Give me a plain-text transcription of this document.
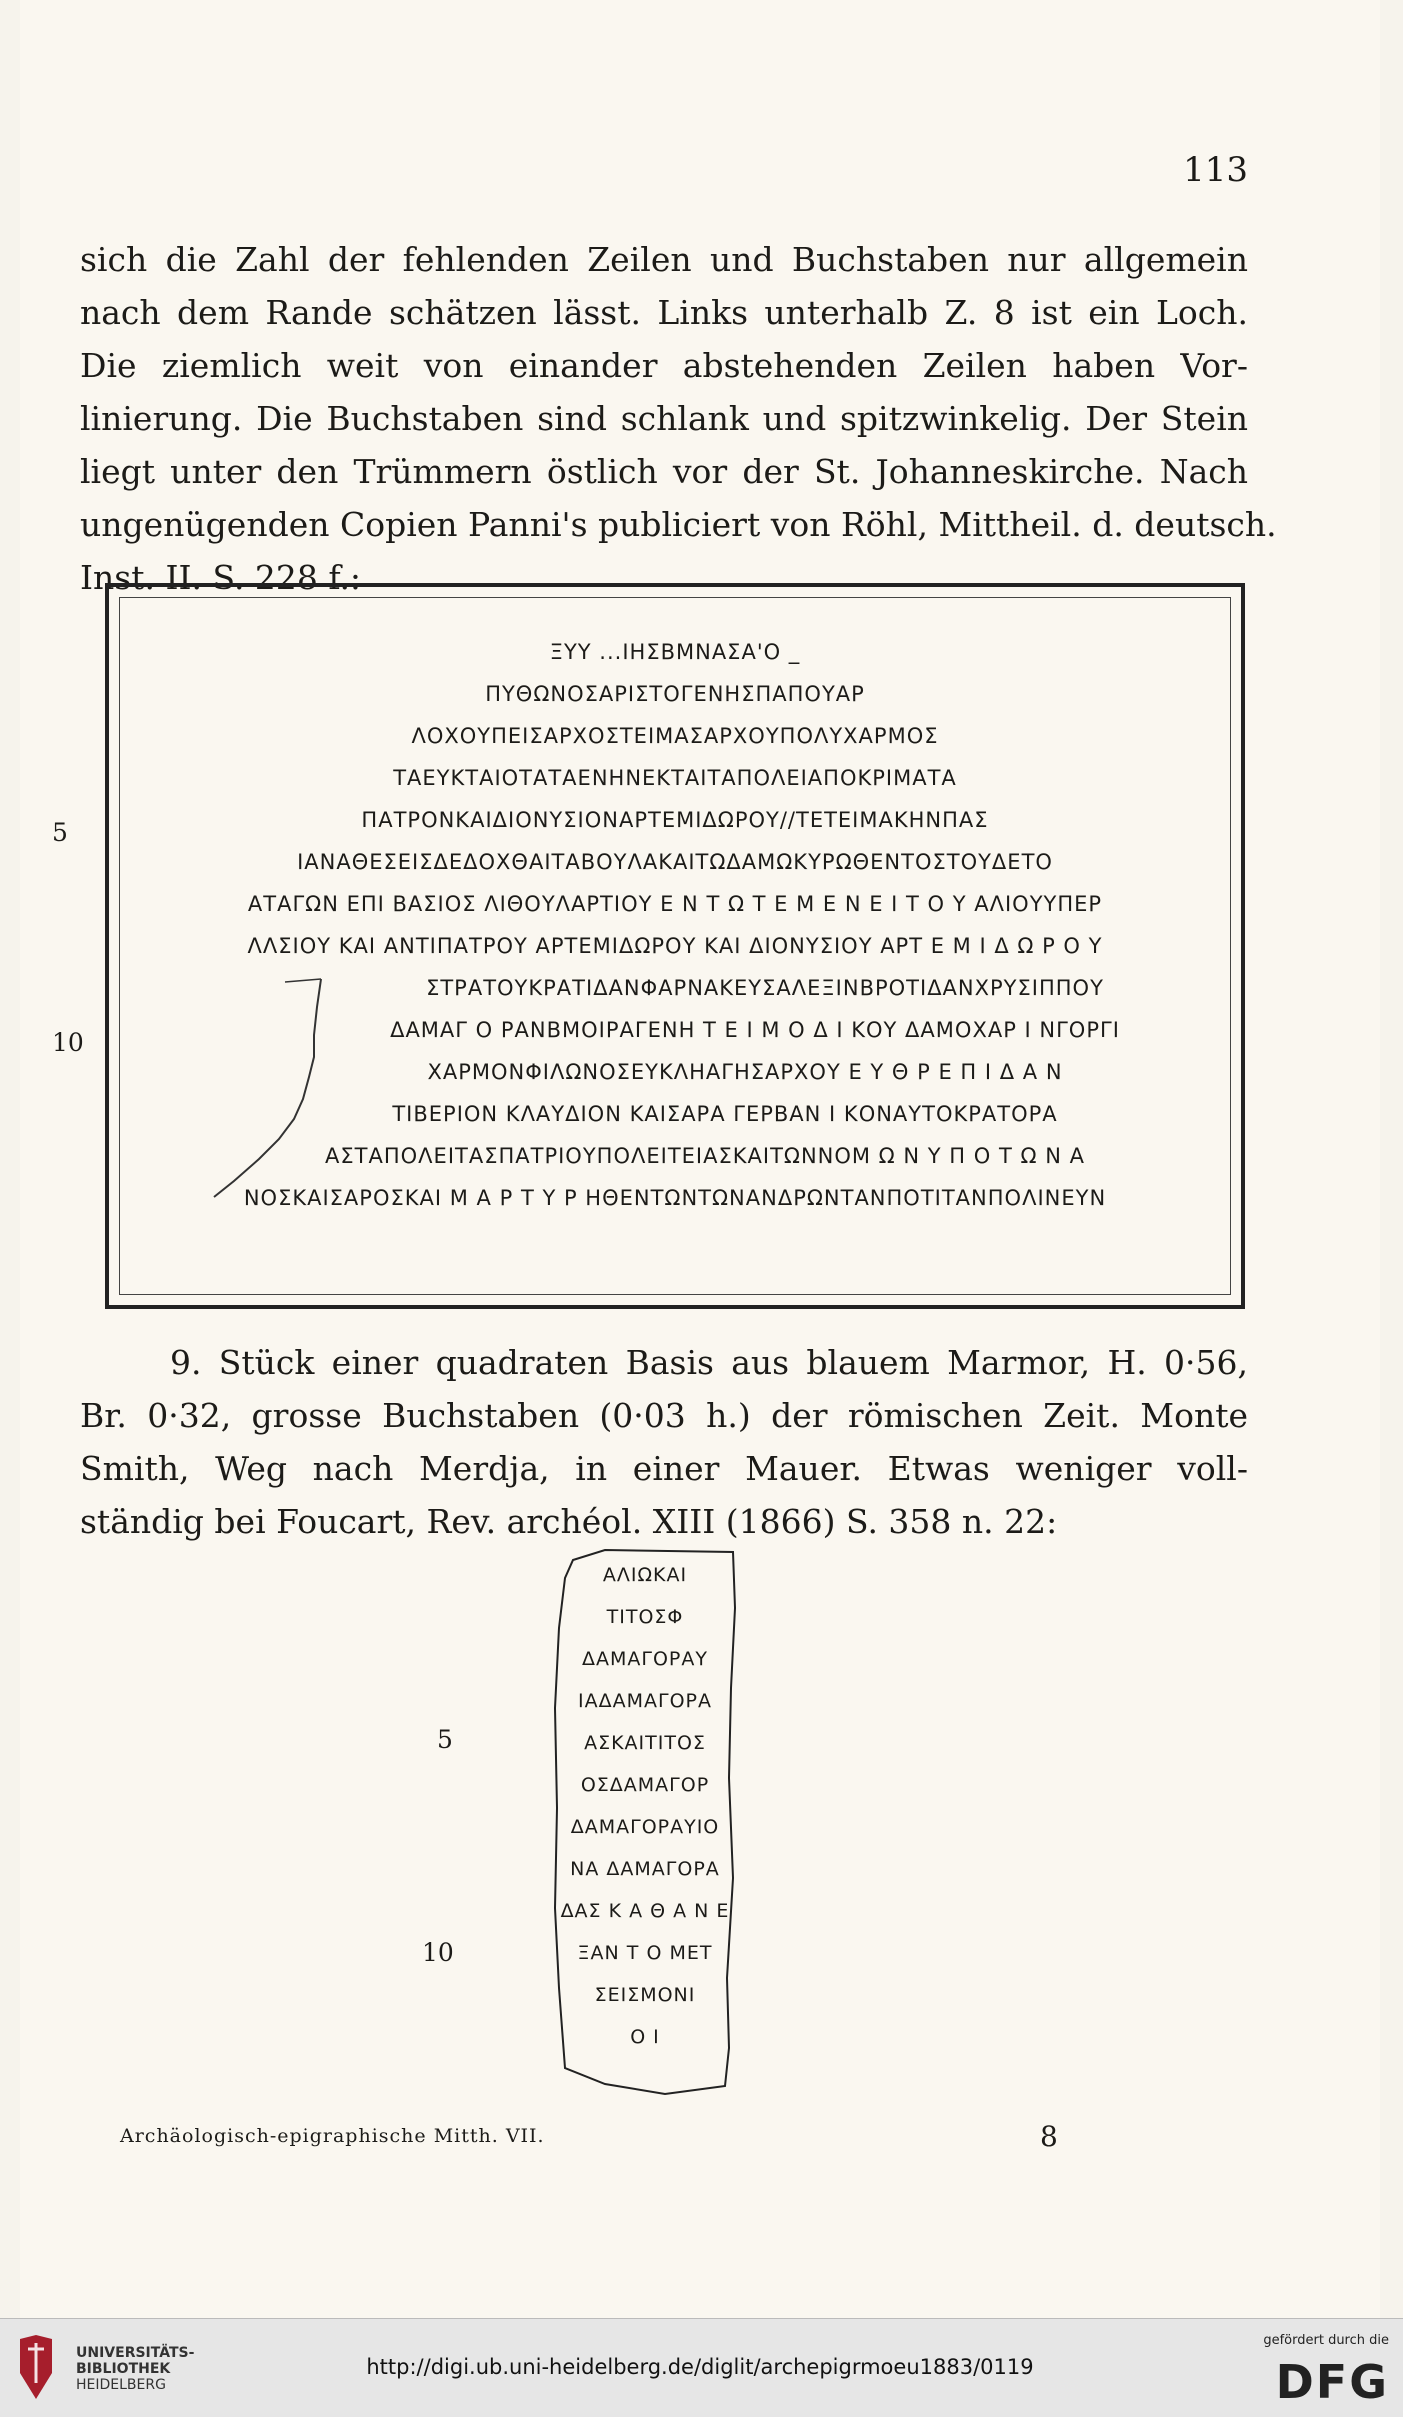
113

sich die Zahl der fehlenden Zeilen und Buchstaben nur allgemein

nach dem Rande schätzen lässt. Links unterhalb Z. 8 ist ein Loch.

Die ziemlich weit von einander abstehenden Zeilen haben Vor-

linierung. Die Buchstaben sind schlank und spitzwinkelig. Der Stein

liegt unter den Trümmern östlich vor der St. Johanneskirche. Nach

ungenügenden Copien Panni's publiciert von Röhl, Mittheil. d. deutsch.

Inst. II. S. 228 f.:

ΞΥΥ ...ΙΗΣΒΜΝΑΣΑ'Ο _
ΠΥΘΩΝΟΣΑΡΙΣΤΟΓΕΝΗΣΠΑΠΟΥΑΡ
ΛΟΧΟΥΠΕΙΣΑΡΧΟΣΤΕΙΜΑΣΑΡΧΟΥΠΟΛΥΧΑΡΜΟΣ
ΤΑΕΥΚΤΑΙΟΤΑΤΑΕΝΗΝΕΚΤΑΙΤΑΠΟΛΕΙΑΠΟΚΡΙΜΑΤΑ
ΠΑΤΡΟΝΚΑΙΔΙΟΝΥΣΙΟΝΑΡΤΕΜΙΔΩΡΟΥ//ΤΕΤΕΙΜΑΚΗΝΠΑΣ
ΙΑΝΑΘΕΣΕΙΣΔΕΔΟΧΘΑΙΤΑΒΟΥΛΑΚΑΙΤΩΔΑΜΩΚΥΡΩΘΕΝΤΟΣΤΟΥΔΕΤΟ
ΑΤΑΓΩΝ ΕΠΙ ΒΑΣΙΟΣ ΛΙΘΟΥΛΑΡΤΙΟΥ Ε Ν Τ Ω Τ Ε Μ Ε Ν Ε Ι Τ Ο Υ ΑΛΙΟΥΥΠΕΡ
ΛΛΣΙΟΥ ΚΑΙ ΑΝΤΙΠΑΤΡΟΥ ΑΡΤΕΜΙΔΩΡΟΥ ΚΑΙ ΔΙΟΝΥΣΙΟΥ ΑΡΤ Ε Μ Ι Δ Ω Ρ Ο Υ
ΣΤΡΑΤΟΥΚΡΑΤΙΔΑΝΦΑΡΝΑΚΕΥΣΑΛΕΞΙΝΒΡΟΤΙΔΑΝΧΡΥΣΙΠΠΟΥ
ΔΑΜΑΓ Ο ΡΑΝΒΜΟΙΡΑΓΕΝΗ Τ Ε Ι Μ Ο Δ Ι ΚΟΥ ΔΑΜΟΧΑΡ Ι ΝΓΟΡΓΙ
ΧΑΡΜΟΝΦΙΛΩΝΟΣΕΥΚΛΗΑΓΗΣΑΡΧΟΥ Ε Υ Θ Ρ Ε Π Ι Δ Α Ν
ΤΙΒΕΡΙΟΝ ΚΛΑΥΔΙΟΝ ΚΑΙΣΑΡΑ ΓΕΡΒΑΝ Ι ΚΟΝΑΥΤΟΚΡΑΤΟΡΑ
ΑΣΤΑΠΟΛΕΙΤΑΣΠΑΤΡΙΟΥΠΟΛΕΙΤΕΙΑΣΚΑΙΤΩΝΝΟΜ Ω Ν Υ Π Ο Τ Ω Ν Α
ΝΟΣΚΑΙΣΑΡΟΣΚΑΙ Μ Α Ρ Τ Υ Ρ ΗΘΕΝΤΩΝΤΩΝΑΝΔΡΩΝΤΑΝΠΟΤΙΤΑΝΠΟΛΙΝΕΥΝ
5
10

9. Stück einer quadraten Basis aus blauem Marmor, H. 0·56,

Br. 0·32, grosse Buchstaben (0·03 h.) der römischen Zeit. Monte

Smith, Weg nach Merdja, in einer Mauer. Etwas weniger voll-

ständig bei Foucart, Rev. archéol. XIII (1866) S. 358 n. 22:

ΑΛΙΩΚΑΙ
ΤΙΤΟΣΦ
ΔΑΜΑΓΟΡΑΥ
ΙΑΔΑΜΑΓΟΡΑ
ΑΣΚΑΙΤΙΤΟΣ
ΟΣΔΑΜΑΓΟΡ
ΔΑΜΑΓΟΡΑΥΙΟ
ΝΑ ΔΑΜΑΓΟΡΑ
ΔΑΣ Κ Α Θ Α Ν Ε
ΞΑΝ Τ Ο ΜΕΤ
ΣΕΙΣΜΟΝΙ
Ο Ι
5
10
Archäologisch-epigraphische Mitth. VII.	8
UNIVERSITÄTS-
BIBLIOTHEK
HEIDELBERG
http://digi.ub.uni-heidelberg.de/diglit/archepigrmoeu1883/0119
gefördert durch die
DFG
